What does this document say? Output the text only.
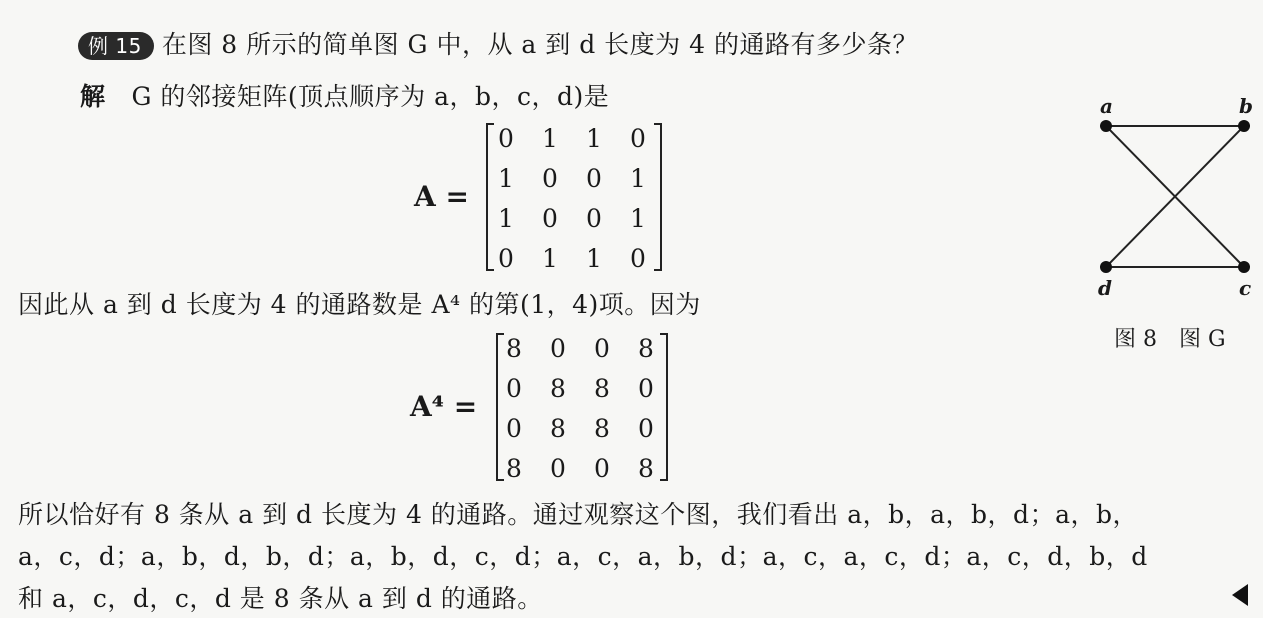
例 15 在图 8 所示的简单图 G 中，从 a 到 d 长度为 4 的通路有多少条？
解 G 的邻接矩阵(顶点顺序为 a，b，c，d)是
A =
0	1	1	0
1	0	0	1
1	0	0	1
0	1	1	0
因此从 a 到 d 长度为 4 的通路数是 A⁴ 的第(1，4)项。因为
A⁴ =
8	0	0	8
0	8	8	0
0	8	8	0
8	0	0	8
所以恰好有 8 条从 a 到 d 长度为 4 的通路。通过观察这个图，我们看出 a，b，a，b，d；a，b，
a，c，d；a，b，d，b，d；a，b，d，c，d；a，c，a，b，d；a，c，a，c，d；a，c，d，b，d
和 a，c，d，c，d 是 8 条从 a 到 d 的通路。
a	b
c
d
图 8　图 G
